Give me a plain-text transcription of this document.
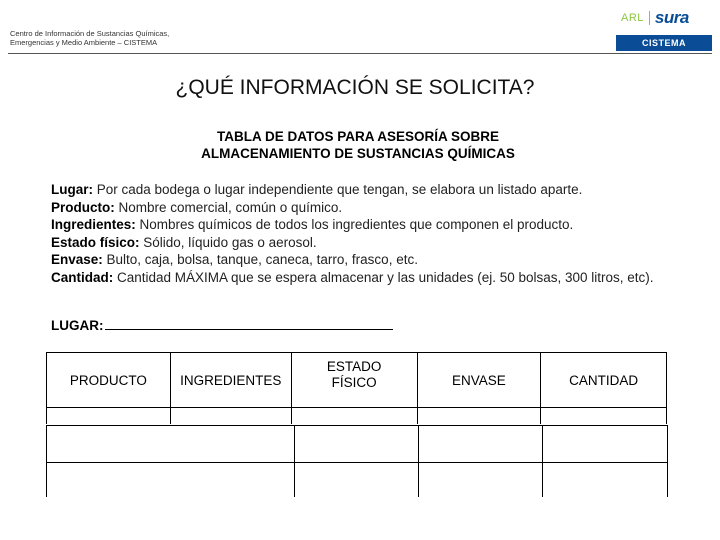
Centro de Información de Sustancias Químicas,
Emergencias y Medio Ambiente – CISTEMA
ARL sura
CISTEMA
¿QUÉ INFORMACIÓN SE SOLICITA?
TABLA DE DATOS PARA ASESORÍA SOBRE
ALMACENAMIENTO DE SUSTANCIAS QUÍMICAS
Lugar: Por cada bodega o lugar independiente que tengan, se elabora un listado aparte.
Producto: Nombre comercial, común o químico.
Ingredientes: Nombres químicos de todos los ingredientes que componen el producto.
Estado físico: Sólido, líquido gas o aerosol.
Envase: Bulto, caja, bolsa, tanque, caneca, tarro, frasco, etc.
Cantidad: Cantidad MÁXIMA que se espera almacenar y las unidades (ej. 50 bolsas, 300 litros, etc).
LUGAR:
PRODUCTO	INGREDIENTES	ESTADO FÍSICO	ENVASE	CANTIDAD
